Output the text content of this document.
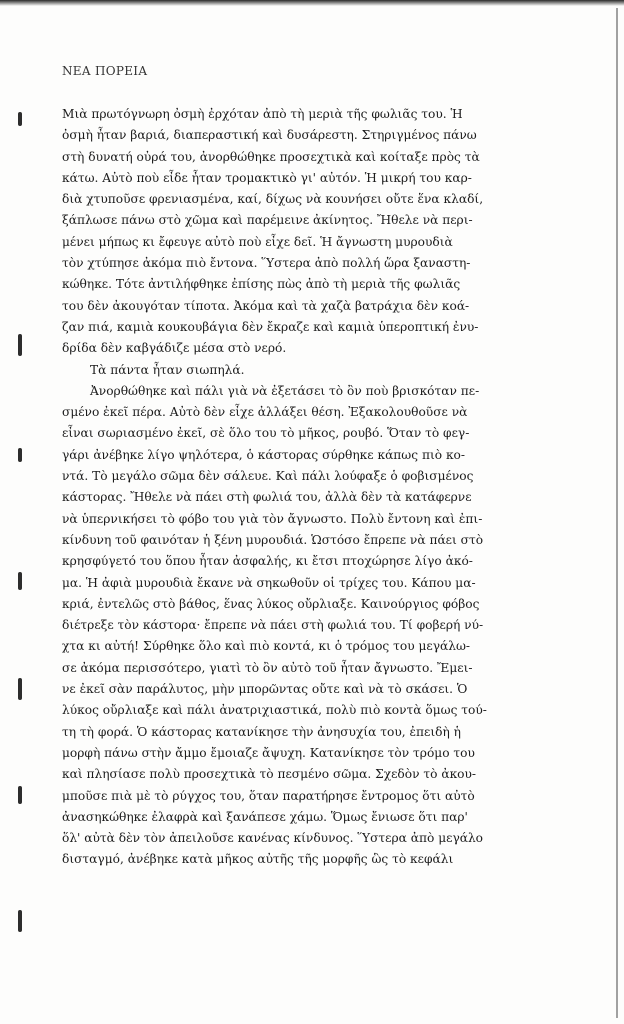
ΝΕΑ ΠΟΡΕΙΑ
Μιὰ πρωτόγνωρη ὀσμὴ ἐρχόταν ἀπὸ τὴ μεριὰ τῆς φωλιᾶς του. Ἡ
ὀσμὴ ἦταν βαριά, διαπεραστική καὶ δυσάρεστη. Στηριγμένος πάνω
στὴ δυνατή οὐρά του, ἀνορθώθηκε προσεχτικὰ καὶ κοίταξε πρὸς τὰ
κάτω. Αὐτὸ ποὺ εἶδε ἦταν τρομακτικὸ γι' αὐτόν. Ἡ μικρή του καρ-
διὰ χτυποῦσε φρενιασμένα, καί, δίχως νὰ κουνήσει οὔτε ἕνα κλαδί,
ξάπλωσε πάνω στὸ χῶμα καὶ παρέμεινε ἀκίνητος. Ἤθελε νὰ περι-
μένει μήπως κι ἔφευγε αὐτὸ ποὺ εἶχε δεῖ. Ἡ ἄγνωστη μυρουδιὰ
τὸν χτύπησε ἀκόμα πιὸ ἔντονα. Ὕστερα ἀπὸ πολλή ὥρα ξαναστη-
κώθηκε. Τότε ἀντιλήφθηκε ἐπίσης πὼς ἀπὸ τὴ μεριὰ τῆς φωλιᾶς
του δὲν ἀκουγόταν τίποτα. Ἀκόμα καὶ τὰ χαζὰ βατράχια δὲν κοά-
ζαν πιά, καμιὰ κουκουβάγια δὲν ἔκραζε καὶ καμιὰ ὑπεροπτική ἐνυ-
δρίδα δὲν καβγάδιζε μέσα στὸ νερό.
Τὰ πάντα ἦταν σιωπηλά.
Ἀνορθώθηκε καὶ πάλι γιὰ νὰ ἐξετάσει τὸ ὂν ποὺ βρισκόταν πε-
σμένο ἐκεῖ πέρα. Αὐτὸ δὲν εἶχε ἀλλάξει θέση. Ἐξακολουθοῦσε νὰ
εἶναι σωριασμένο ἐκεῖ, σὲ ὅλο του τὸ μῆκος, ρουβό. Ὅταν τὸ φεγ-
γάρι ἀνέβηκε λίγο ψηλότερα, ὁ κάστορας σύρθηκε κάπως πιὸ κο-
ντά. Τὸ μεγάλο σῶμα δὲν σάλευε. Καὶ πάλι λούφαξε ὁ φοβισμένος
κάστορας. Ἤθελε νὰ πάει στὴ φωλιά του, ἀλλὰ δὲν τὰ κατάφερνε
νὰ ὑπερνικήσει τὸ φόβο του γιὰ τὸν ἄγνωστο. Πολὺ ἔντονη καὶ ἐπι-
κίνδυνη τοῦ φαινόταν ἡ ξένη μυρουδιά. Ὡστόσο ἔπρεπε νὰ πάει στὸ
κρησφύγετό του ὅπου ἦταν ἀσφαλής, κι ἔτσι πτοχώρησε λίγο ἀκό-
μα. Ἡ ἀφιὰ μυρουδιὰ ἔκανε νὰ σηκωθοῦν οἱ τρίχες του. Κάπου μα-
κριά, ἐντελῶς στὸ βάθος, ἕνας λύκος οὔρλιαξε. Καινούργιος φόβος
διέτρεξε τὸν κάστορα· ἔπρεπε νὰ πάει στὴ φωλιά του. Τί φοβερή νύ-
χτα κι αὐτή! Σύρθηκε ὅλο καὶ πιὸ κοντά, κι ὁ τρόμος του μεγάλω-
σε ἀκόμα περισσότερο, γιατὶ τὸ ὂν αὐτὸ τοῦ ἦταν ἄγνωστο. Ἔμει-
νε ἐκεῖ σὰν παράλυτος, μὴν μπορῶντας οὔτε καὶ νὰ τὸ σκάσει. Ὁ
λύκος οὔρλιαξε καὶ πάλι ἀνατριχιαστικά, πολὺ πιὸ κοντὰ ὅμως τού-
τη τὴ φορά. Ὁ κάστορας κατανίκησε τὴν ἀνησυχία του, ἐπειδὴ ἡ
μορφὴ πάνω στὴν ἄμμο ἔμοιαζε ἄψυχη. Κατανίκησε τὸν τρόμο του
καὶ πλησίασε πολὺ προσεχτικὰ τὸ πεσμένο σῶμα. Σχεδὸν τὸ ἀκου-
μποῦσε πιὰ μὲ τὸ ρύγχος του, ὅταν παρατήρησε ἔντρομος ὅτι αὐτὸ
ἀνασηκώθηκε ἐλαφρὰ καὶ ξανάπεσε χάμω. Ὅμως ἔνιωσε ὅτι παρ'
ὅλ' αὐτὰ δὲν τὸν ἀπειλοῦσε κανένας κίνδυνος. Ὕστερα ἀπὸ μεγάλο
δισταγμό, ἀνέβηκε κατὰ μῆκος αὐτῆς τῆς μορφῆς ὣς τὸ κεφάλι
